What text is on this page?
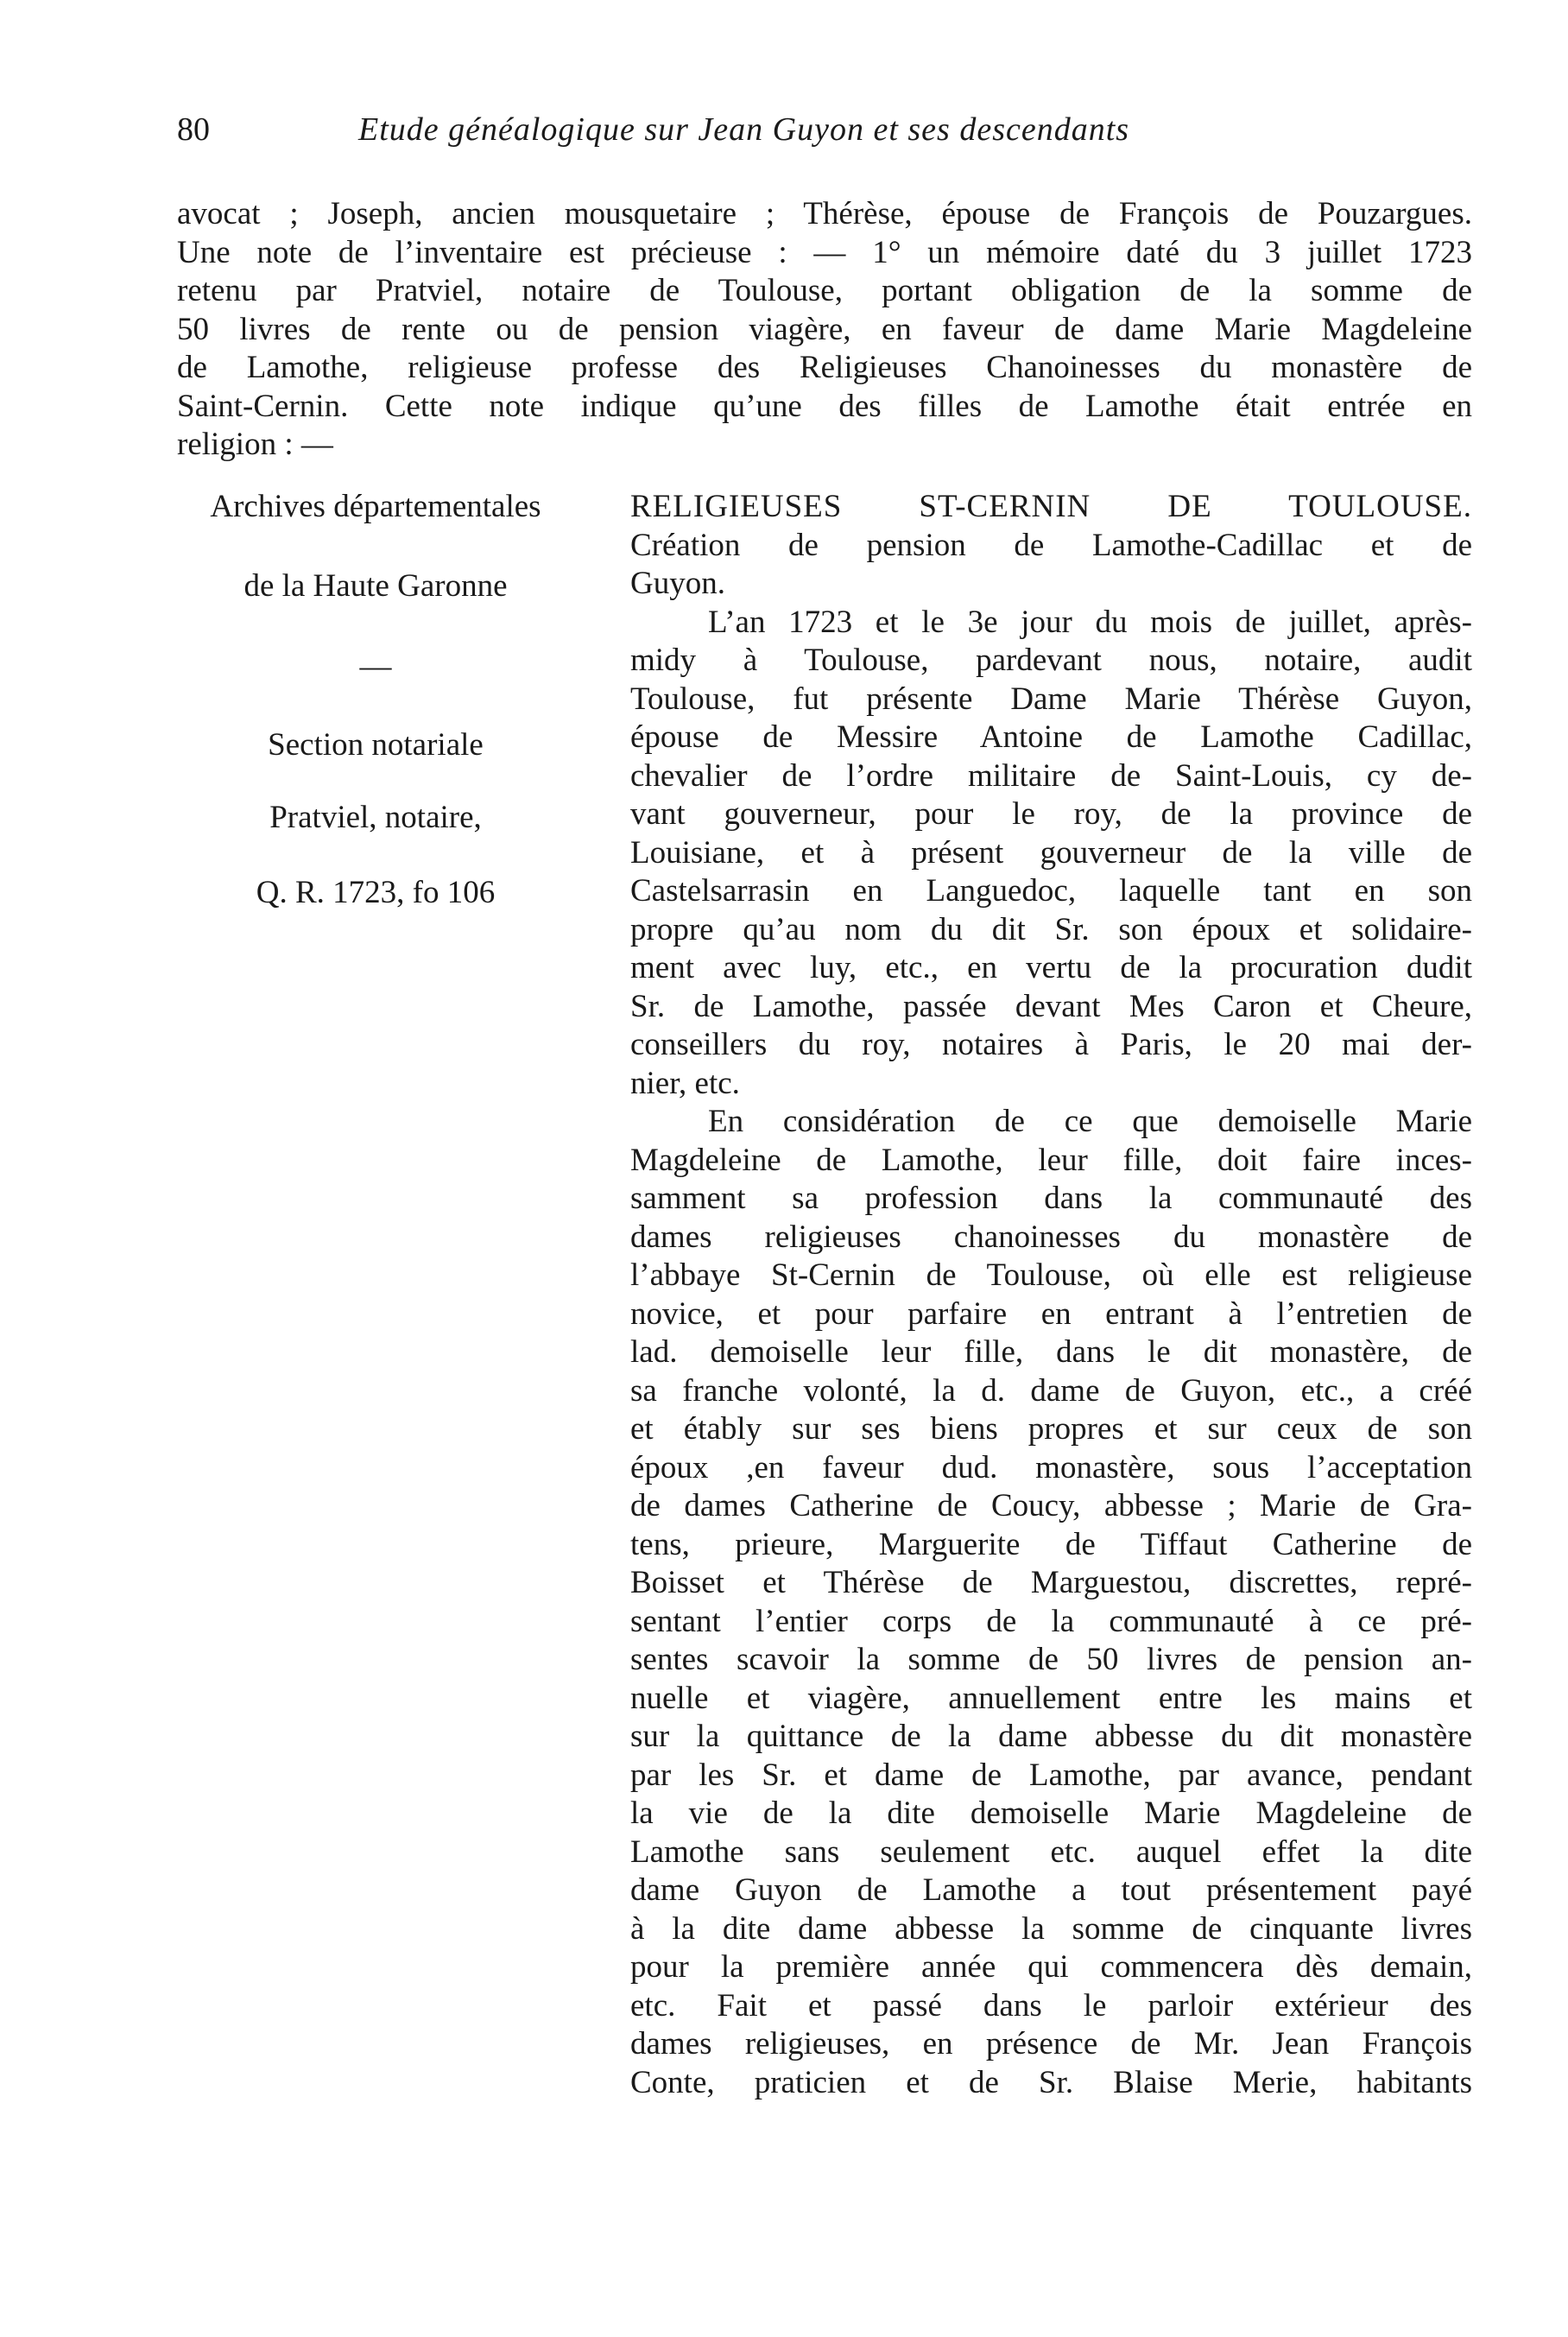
80	Etude généalogique sur Jean Guyon et ses descendants
avocat ; Joseph, ancien mousquetaire ; Thérèse, épouse de François de Pouzargues.
Une note de l’inventaire est précieuse : — 1° un mémoire daté du 3 juillet 1723
retenu par Pratviel, notaire de Toulouse, portant obligation de la somme de
50 livres de rente ou de pension viagère, en faveur de dame Marie Magdeleine
de Lamothe, religieuse professe des Religieuses Chanoinesses du monastère de
Saint-Cernin. Cette note indique qu’une des filles de Lamothe était entrée en
religion : —
Archives départementales
de la Haute Garonne
—
Section notariale
Pratviel, notaire,
Q. R. 1723, fo 106
RELIGIEUSES ST-CERNIN DE TOULOUSE.
Création de pension de Lamothe-Cadillac et de
Guyon.
L’an 1723 et le 3e jour du mois de juillet, après-
midy à Toulouse, pardevant nous, notaire, audit
Toulouse, fut présente Dame Marie Thérèse Guyon,
épouse de Messire Antoine de Lamothe Cadillac,
chevalier de l’ordre militaire de Saint-Louis, cy de-
vant gouverneur, pour le roy, de la province de
Louisiane, et à présent gouverneur de la ville de
Castelsarrasin en Languedoc, laquelle tant en son
propre qu’au nom du dit Sr. son époux et solidaire-
ment avec luy, etc., en vertu de la procuration dudit
Sr. de Lamothe, passée devant Mes Caron et Cheure,
conseillers du roy, notaires à Paris, le 20 mai der-
nier, etc.
En considération de ce que demoiselle Marie
Magdeleine de Lamothe, leur fille, doit faire inces-
samment sa profession dans la communauté des
dames religieuses chanoinesses du monastère de
l’abbaye St-Cernin de Toulouse, où elle est religieuse
novice, et pour parfaire en entrant à l’entretien de
lad. demoiselle leur fille, dans le dit monastère, de
sa franche volonté, la d. dame de Guyon, etc., a créé
et étably sur ses biens propres et sur ceux de son
époux ,en faveur dud. monastère, sous l’acceptation
de dames Catherine de Coucy, abbesse ; Marie de Gra-
tens, prieure, Marguerite de Tiffaut Catherine de
Boisset et Thérèse de Marguestou, discrettes, repré-
sentant l’entier corps de la communauté à ce pré-
sentes scavoir la somme de 50 livres de pension an-
nuelle et viagère, annuellement entre les mains et
sur la quittance de la dame abbesse du dit monastère
par les Sr. et dame de Lamothe, par avance, pendant
la vie de la dite demoiselle Marie Magdeleine de
Lamothe sans seulement etc. auquel effet la dite
dame Guyon de Lamothe a tout présentement payé
à la dite dame abbesse la somme de cinquante livres
pour la première année qui commencera dès demain,
etc. Fait et passé dans le parloir extérieur des
dames religieuses, en présence de Mr. Jean François
Conte, praticien et de Sr. Blaise Merie, habitants
